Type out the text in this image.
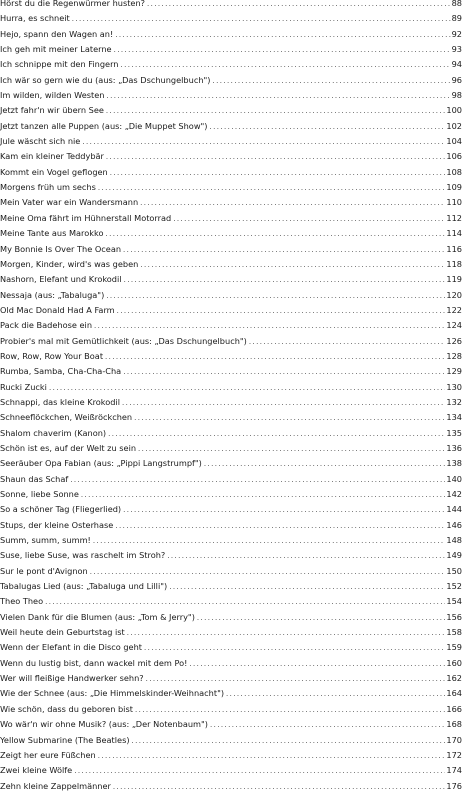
Hörst du die Regenwürmer husten? .....	88
Hurra, es schneit .....	89
Hejo, spann den Wagen an! .....	92
Ich geh mit meiner Laterne .....	93
Ich schnippe mit den Fingern .....	94
Ich wär so gern wie du (aus: „Das Dschungelbuch") .....	96
Im wilden, wilden Westen .....	98
Jetzt fahr'n wir übern See .....	100
Jetzt tanzen alle Puppen (aus: „Die Muppet Show") .....	102
Jule wäscht sich nie .....	104
Kam ein kleiner Teddybär .....	106
Kommt ein Vogel geflogen .....	108
Morgens früh um sechs .....	109
Mein Vater war ein Wandersmann .....	110
Meine Oma fährt im Hühnerstall Motorrad .....	112
Meine Tante aus Marokko .....	114
My Bonnie Is Over The Ocean .....	116
Morgen, Kinder, wird's was geben .....	118
Nashorn, Elefant und Krokodil .....	119
Nessaja (aus: „Tabaluga") .....	120
Old Mac Donald Had A Farm .....	122
Pack die Badehose ein .....	124
Probier's mal mit Gemütlichkeit (aus: „Das Dschungelbuch") .....	126
Row, Row, Row Your Boat .....	128
Rumba, Samba, Cha-Cha-Cha .....	129
Rucki Zucki .....	130
Schnappi, das kleine Krokodil .....	132
Schneeflöckchen, Weißröckchen .....	134
Shalom chaverim (Kanon) .....	135
Schön ist es, auf der Welt zu sein .....	136
Seeräuber Opa Fabian (aus: „Pippi Langstrumpf") .....	138
Shaun das Schaf .....	140
Sonne, liebe Sonne .....	142
So a schöner Tag (Fliegerlied) .....	144
Stups, der kleine Osterhase .....	146
Summ, summ, summ! .....	148
Suse, liebe Suse, was raschelt im Stroh? .....	149
Sur le pont d'Avignon .....	150
Tabalugas Lied (aus: „Tabaluga und Lilli") .....	152
Theo Theo .....	154
Vielen Dank für die Blumen (aus: „Tom & Jerry") .....	156
Weil heute dein Geburtstag ist .....	158
Wenn der Elefant in die Disco geht .....	159
Wenn du lustig bist, dann wackel mit dem Po! .....	160
Wer will fleißige Handwerker sehn? .....	162
Wie der Schnee (aus: „Die Himmelskinder-Weihnacht") .....	164
Wie schön, dass du geboren bist .....	166
Wo wär'n wir ohne Musik? (aus: „Der Notenbaum") .....	168
Yellow Submarine (The Beatles) .....	170
Zeigt her eure Füßchen .....	172
Zwei kleine Wölfe .....	174
Zehn kleine Zappelmänner .....	176
